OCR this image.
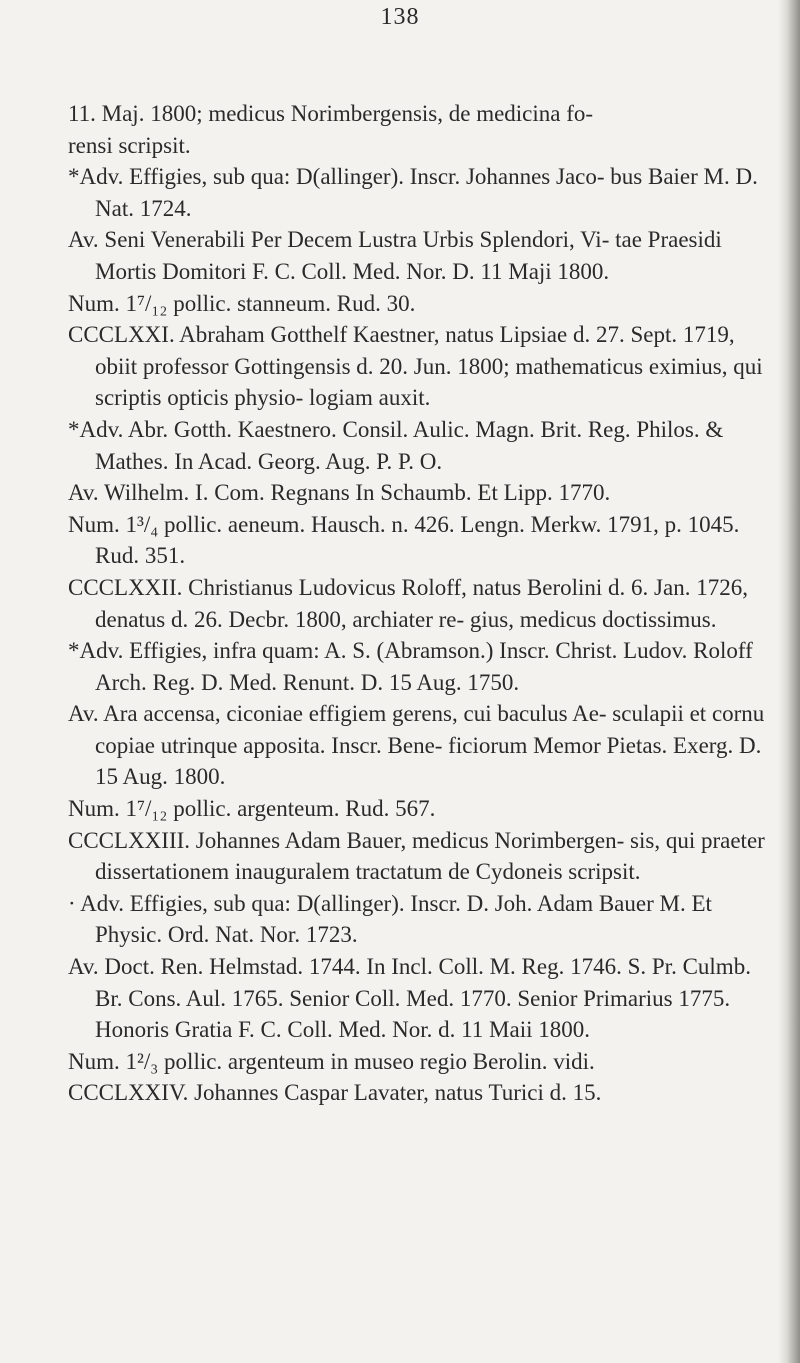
138

11. Maj. 1800; medicus Norimbergensis, de medicina fo-

rensi scripsit.

*Adv. Effigies, sub qua: D(allinger). Inscr. Johannes Jaco- bus Baier M. D. Nat. 1724.

Av. Seni Venerabili Per Decem Lustra Urbis Splendori, Vi- tae Praesidi Mortis Domitori F. C. Coll. Med. Nor. D. 11 Maji 1800.

Num. 1⁷/₁₂ pollic. stanneum. Rud. 30.

CCCLXXI. Abraham Gotthelf Kaestner, natus Lipsiae d. 27. Sept. 1719, obiit professor Gottingensis d. 20. Jun. 1800; mathematicus eximius, qui scriptis opticis physio- logiam auxit.

*Adv. Abr. Gotth. Kaestnero. Consil. Aulic. Magn. Brit. Reg. Philos. & Mathes. In Acad. Georg. Aug. P. P. O.

Av. Wilhelm. I. Com. Regnans In Schaumb. Et Lipp. 1770.

Num. 1³/₄ pollic. aeneum. Hausch. n. 426. Lengn. Merkw. 1791, p. 1045. Rud. 351.

CCCLXXII. Christianus Ludovicus Roloff, natus Berolini d. 6. Jan. 1726, denatus d. 26. Decbr. 1800, archiater re- gius, medicus doctissimus.

*Adv. Effigies, infra quam: A. S. (Abramson.) Inscr. Christ. Ludov. Roloff Arch. Reg. D. Med. Renunt. D. 15 Aug. 1750.

Av. Ara accensa, ciconiae effigiem gerens, cui baculus Ae- sculapii et cornu copiae utrinque apposita. Inscr. Bene- ficiorum Memor Pietas. Exerg. D. 15 Aug. 1800.

Num. 1⁷/₁₂ pollic. argenteum. Rud. 567.

CCCLXXIII. Johannes Adam Bauer, medicus Norimbergen- sis, qui praeter dissertationem inauguralem tractatum de Cydoneis scripsit.

· Adv. Effigies, sub qua: D(allinger). Inscr. D. Joh. Adam Bauer M. Et Physic. Ord. Nat. Nor. 1723.

Av. Doct. Ren. Helmstad. 1744. In Incl. Coll. M. Reg. 1746. S. Pr. Culmb. Br. Cons. Aul. 1765. Senior Coll. Med. 1770. Senior Primarius 1775. Honoris Gratia F. C. Coll. Med. Nor. d. 11 Maii 1800.

Num. 1²/₃ pollic. argenteum in museo regio Berolin. vidi.

CCCLXXIV. Johannes Caspar Lavater, natus Turici d. 15.
